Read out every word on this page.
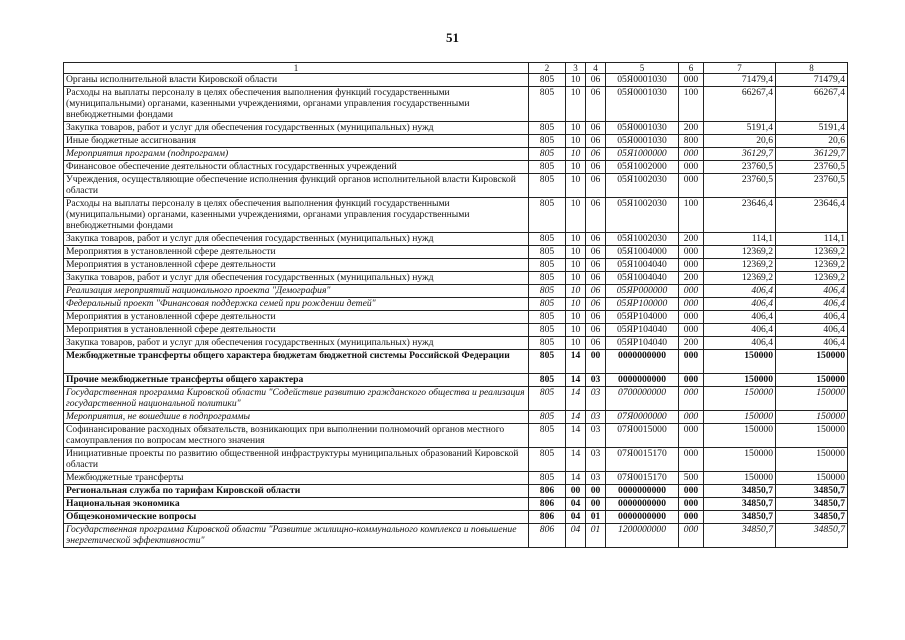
51
1	2	3	4	5	6	7	8
Органы исполнительной власти Кировской области	805	10	06	05Я0001030	000	71479,4	71479,4
Расходы на выплаты персоналу в целях обеспечения выполнения функций государственными (муниципальными) органами, казенными учреждениями, органами управления государственными внебюджетными фондами	805	10	06	05Я0001030	100	66267,4	66267,4
Закупка товаров, работ и услуг для обеспечения государственных (муниципальных) нужд	805	10	06	05Я0001030	200	5191,4	5191,4
Иные бюджетные ассигнования	805	10	06	05Я0001030	800	20,6	20,6
Мероприятия программ (подпрограмм)	805	10	06	05Я1000000	000	36129,7	36129,7
Финансовое обеспечение деятельности областных государственных учреждений	805	10	06	05Я1002000	000	23760,5	23760,5
Учреждения, осуществляющие обеспечение исполнения функций органов исполнительной власти Кировской области	805	10	06	05Я1002030	000	23760,5	23760,5
Расходы на выплаты персоналу в целях обеспечения выполнения функций государственными (муниципальными) органами, казенными учреждениями, органами управления государственными внебюджетными фондами	805	10	06	05Я1002030	100	23646,4	23646,4
Закупка товаров, работ и услуг для обеспечения государственных (муниципальных) нужд	805	10	06	05Я1002030	200	114,1	114,1
Мероприятия в установленной сфере деятельности	805	10	06	05Я1004000	000	12369,2	12369,2
Мероприятия в установленной сфере деятельности	805	10	06	05Я1004040	000	12369,2	12369,2
Закупка товаров, работ и услуг для обеспечения государственных (муниципальных) нужд	805	10	06	05Я1004040	200	12369,2	12369,2
Реализация мероприятий национального проекта "Демография"	805	10	06	05ЯР000000	000	406,4	406,4
Федеральный проект "Финансовая поддержка семей при рождении детей"	805	10	06	05ЯР100000	000	406,4	406,4
Мероприятия в установленной сфере деятельности	805	10	06	05ЯР104000	000	406,4	406,4
Мероприятия в установленной сфере деятельности	805	10	06	05ЯР104040	000	406,4	406,4
Закупка товаров, работ и услуг для обеспечения государственных (муниципальных) нужд	805	10	06	05ЯР104040	200	406,4	406,4
Межбюджетные трансферты общего характера бюджетам бюджетной системы Российской Федерации	805	14	00	0000000000	000	150000	150000
Прочие межбюджетные трансферты общего характера	805	14	03	0000000000	000	150000	150000
Государственная программа Кировской области "Содействие развитию гражданского общества и реализация государственной национальной политики"	805	14	03	0700000000	000	150000	150000
Мероприятия, не вошедшие в подпрограммы	805	14	03	07Я0000000	000	150000	150000
Софинансирование расходных обязательств, возникающих при выполнении полномочий органов местного самоуправления по вопросам местного значения	805	14	03	07Я0015000	000	150000	150000
Инициативные проекты по развитию общественной инфраструктуры муниципальных образований Кировской области	805	14	03	07Я0015170	000	150000	150000
Межбюджетные трансферты	805	14	03	07Я0015170	500	150000	150000
Региональная служба по тарифам Кировской области	806	00	00	0000000000	000	34850,7	34850,7
Национальная экономика	806	04	00	0000000000	000	34850,7	34850,7
Общеэкономические вопросы	806	04	01	0000000000	000	34850,7	34850,7
Государственная программа Кировской области "Развитие жилищно-коммунального комплекса и повышение энергетической эффективности"	806	04	01	1200000000	000	34850,7	34850,7
